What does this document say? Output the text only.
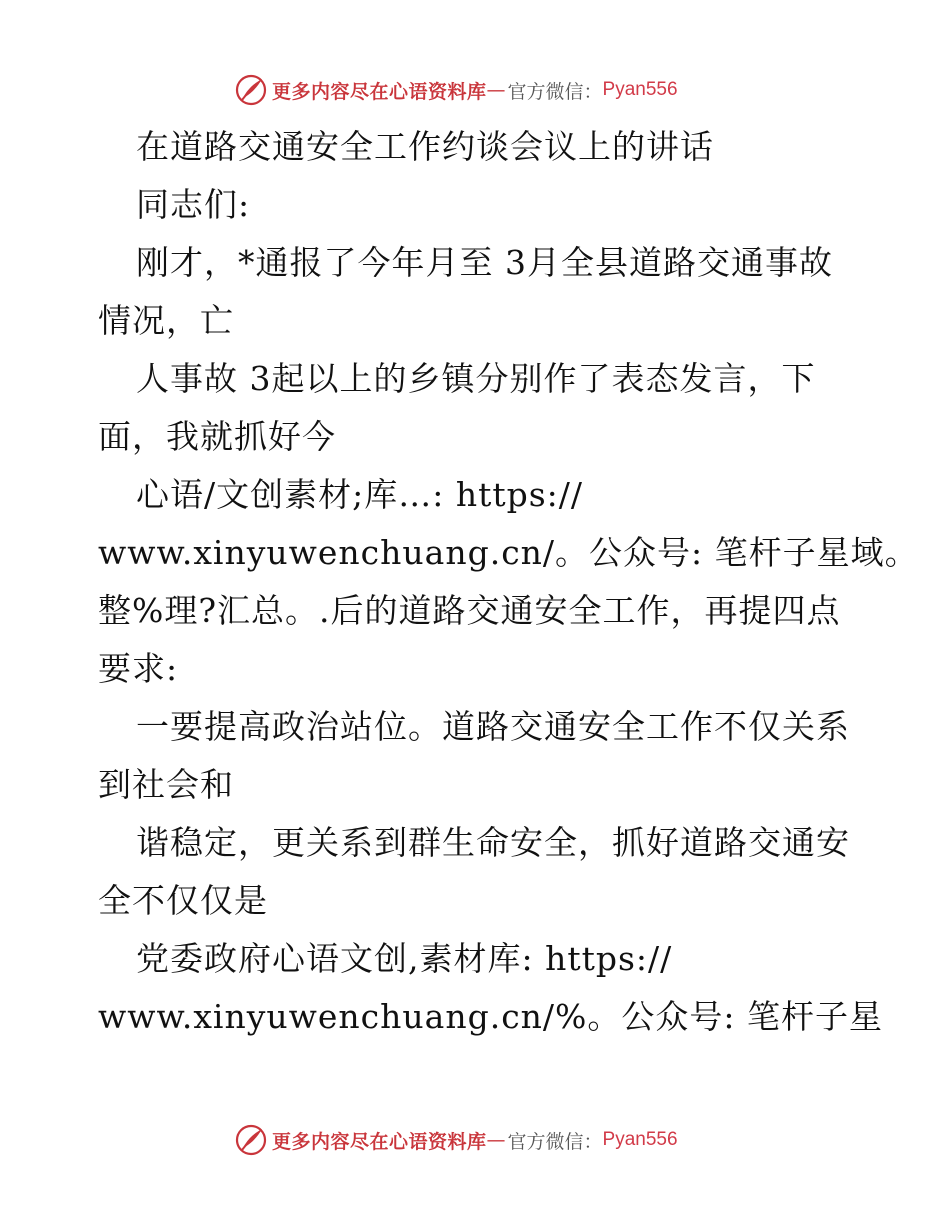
更多内容尽在心语资料库 — 官方微信： Pyan556
在道路交通安全工作约谈会议上的讲话
同志们:
刚才，*通报了今年月至 3月全县道路交通事故
情况，亡
人事故 3起以上的乡镇分别作了表态发言，下
面，我就抓好今
心语/文创素材;库…: https://
www.xinyuwenchuang.cn/。公众号: 笔杆子星域。
整%理?汇总。.后的道路交通安全工作，再提四点
要求:
一要提高政治站位。道路交通安全工作不仅关系
到社会和
谐稳定，更关系到群生命安全，抓好道路交通安
全不仅仅是
党委政府心语文创,素材库: https://
www.xinyuwenchuang.cn/%。公众号: 笔杆子星
更多内容尽在心语资料库 — 官方微信： Pyan556
